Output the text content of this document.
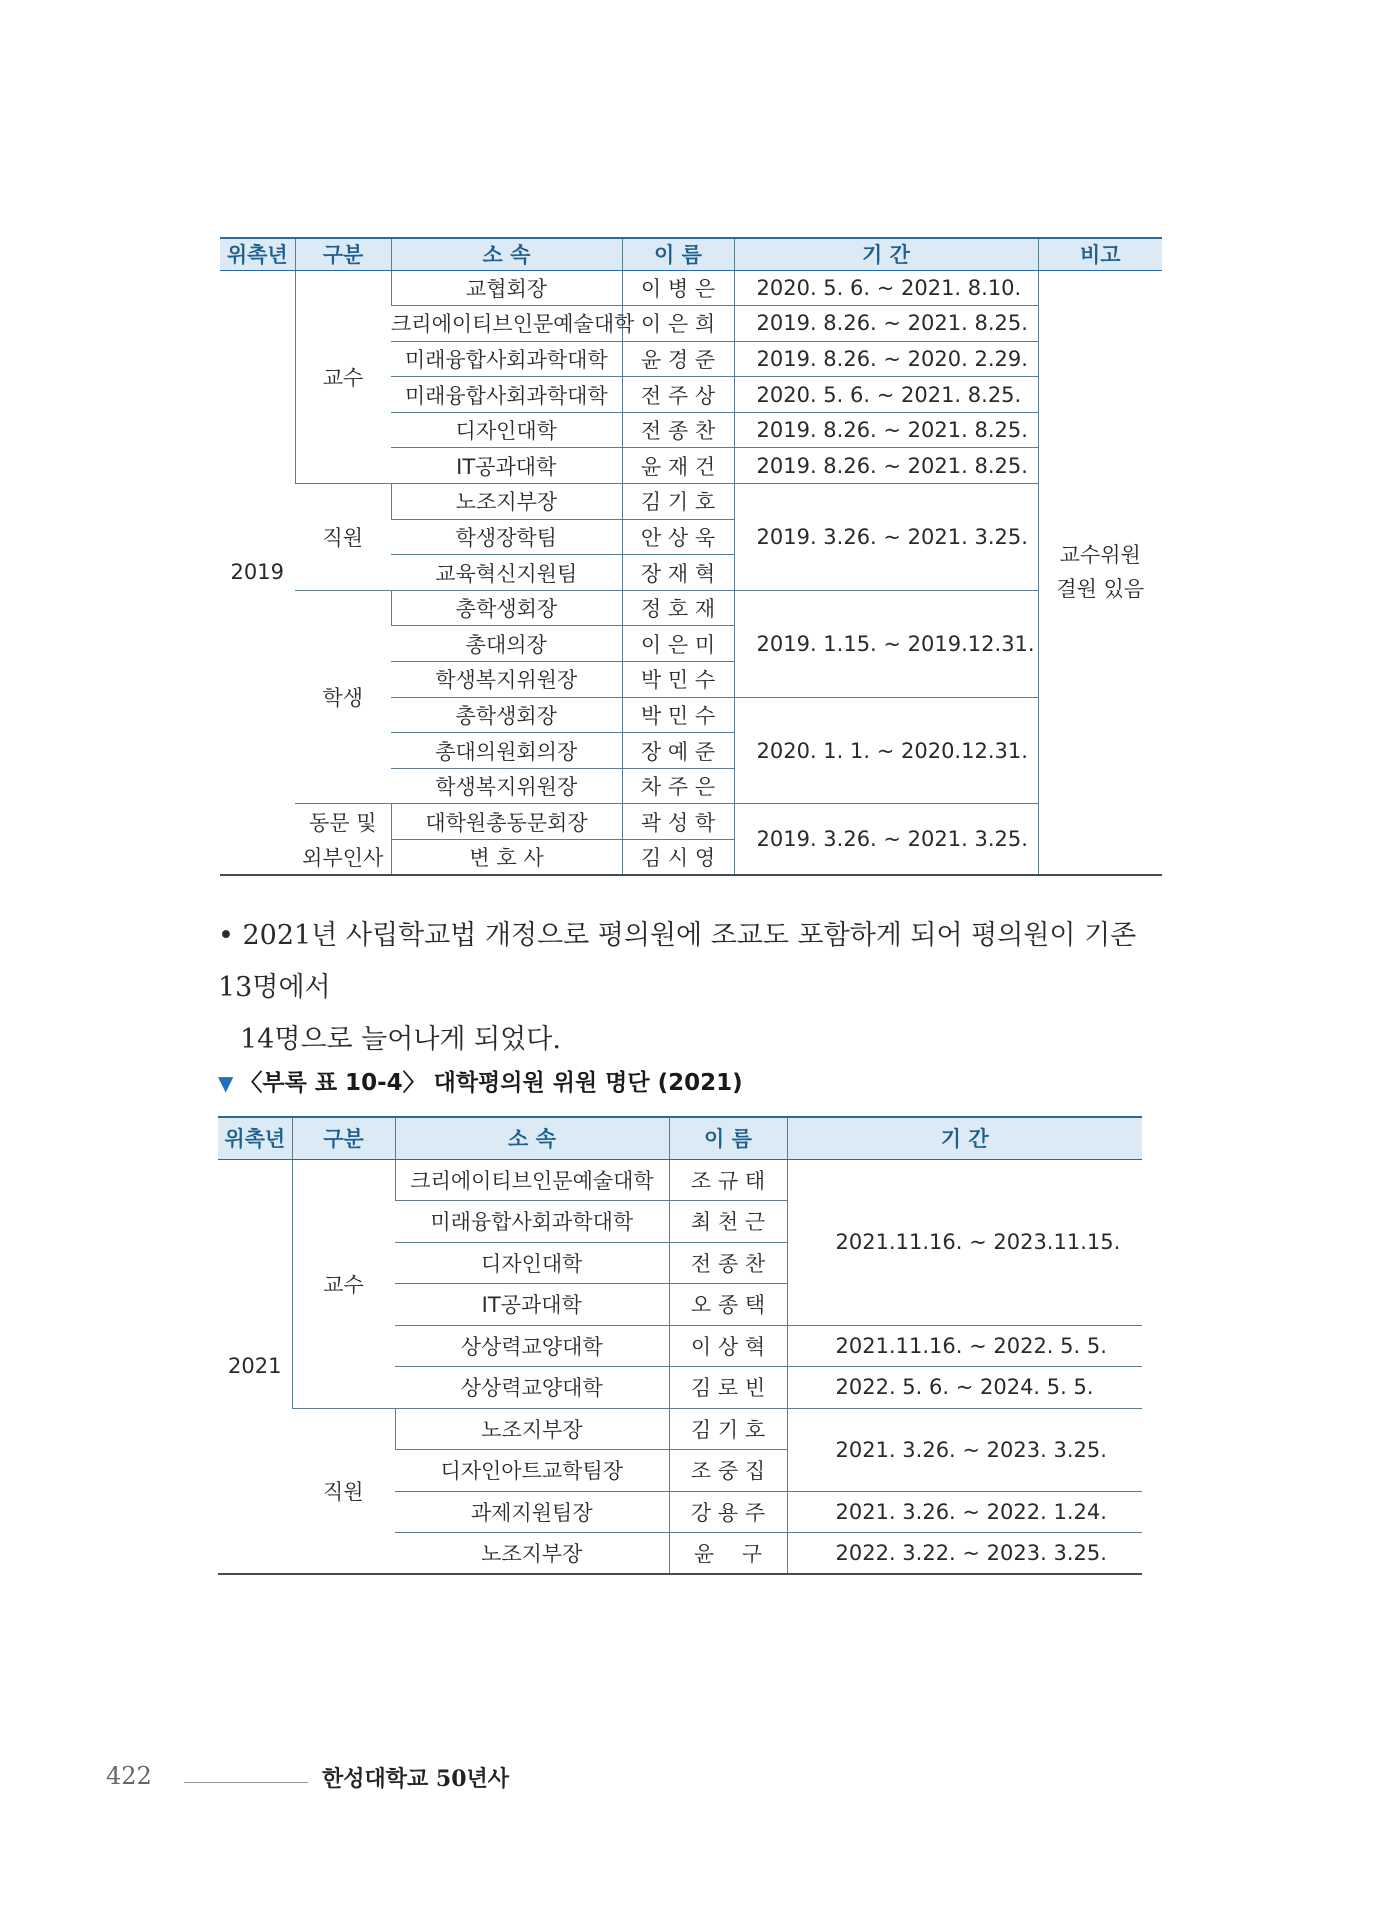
위촉년	구분	소 속	이 름	기 간	비고
2019	교수	교협회장	이 병 은	2020. 5. 6. ~ 2021. 8.10.	교수위원
결원 있음

		크리에이티브인문예술대학	이 은 희	2019. 8.26. ~ 2021. 8.25.	
		미래융합사회과학대학	윤 경 준	2019. 8.26. ~ 2020. 2.29.	
		미래융합사회과학대학	전 주 상	2020. 5. 6. ~ 2021. 8.25.	
		디자인대학	전 종 찬	2019. 8.26. ~ 2021. 8.25.	
		IT공과대학	윤 재 건	2019. 8.26. ~ 2021. 8.25.	
	직원	노조지부장	김 기 호	2019. 3.26. ~ 2021. 3.25.	
		학생장학팀	안 상 욱		
		교육혁신지원팀	장 재 혁		
	학생	총학생회장	정 호 재	2019. 1.15. ~ 2019.12.31.	
		총대의장	이 은 미		
		학생복지위원장	박 민 수		
		총학생회장	박 민 수	2020. 1. 1. ~ 2020.12.31.	
		총대의원회의장	장 예 준		
		학생복지위원장	차 주 은		
	동문 및	대학원총동문회장	곽 성 학	2019. 3.26. ~ 2021. 3.25.	
	외부인사	변 호 사	김 시 영		
• 2021년 사립학교법 개정으로 평의원에 조교도 포함하게 되어 평의원이 기존 13명에서
14명으로 늘어나게 되었다.
▼ 〈부록 표 10-4〉 대학평의원 위원 명단 (2021)
위촉년	구분	소 속	이 름	기 간
2021	교수	크리에이티브인문예술대학	조 규 태	2021.11.16. ~ 2023.11.15.
		미래융합사회과학대학	최 천 근	
		디자인대학	전 종 찬	
		IT공과대학	오 종 택	
		상상력교양대학	이 상 혁	2021.11.16. ~ 2022. 5. 5.
		상상력교양대학	김 로 빈	2022. 5. 6. ~ 2024. 5. 5.
	직원	노조지부장	김 기 호	2021. 3.26. ~ 2023. 3.25.
		디자인아트교학팀장	조 중 집	
		과제지원팀장	강 용 주	2021. 3.26. ~ 2022. 1.24.
		노조지부장	윤　 구	2022. 3.22. ~ 2023. 3.25.
422	한성대학교 50년사
